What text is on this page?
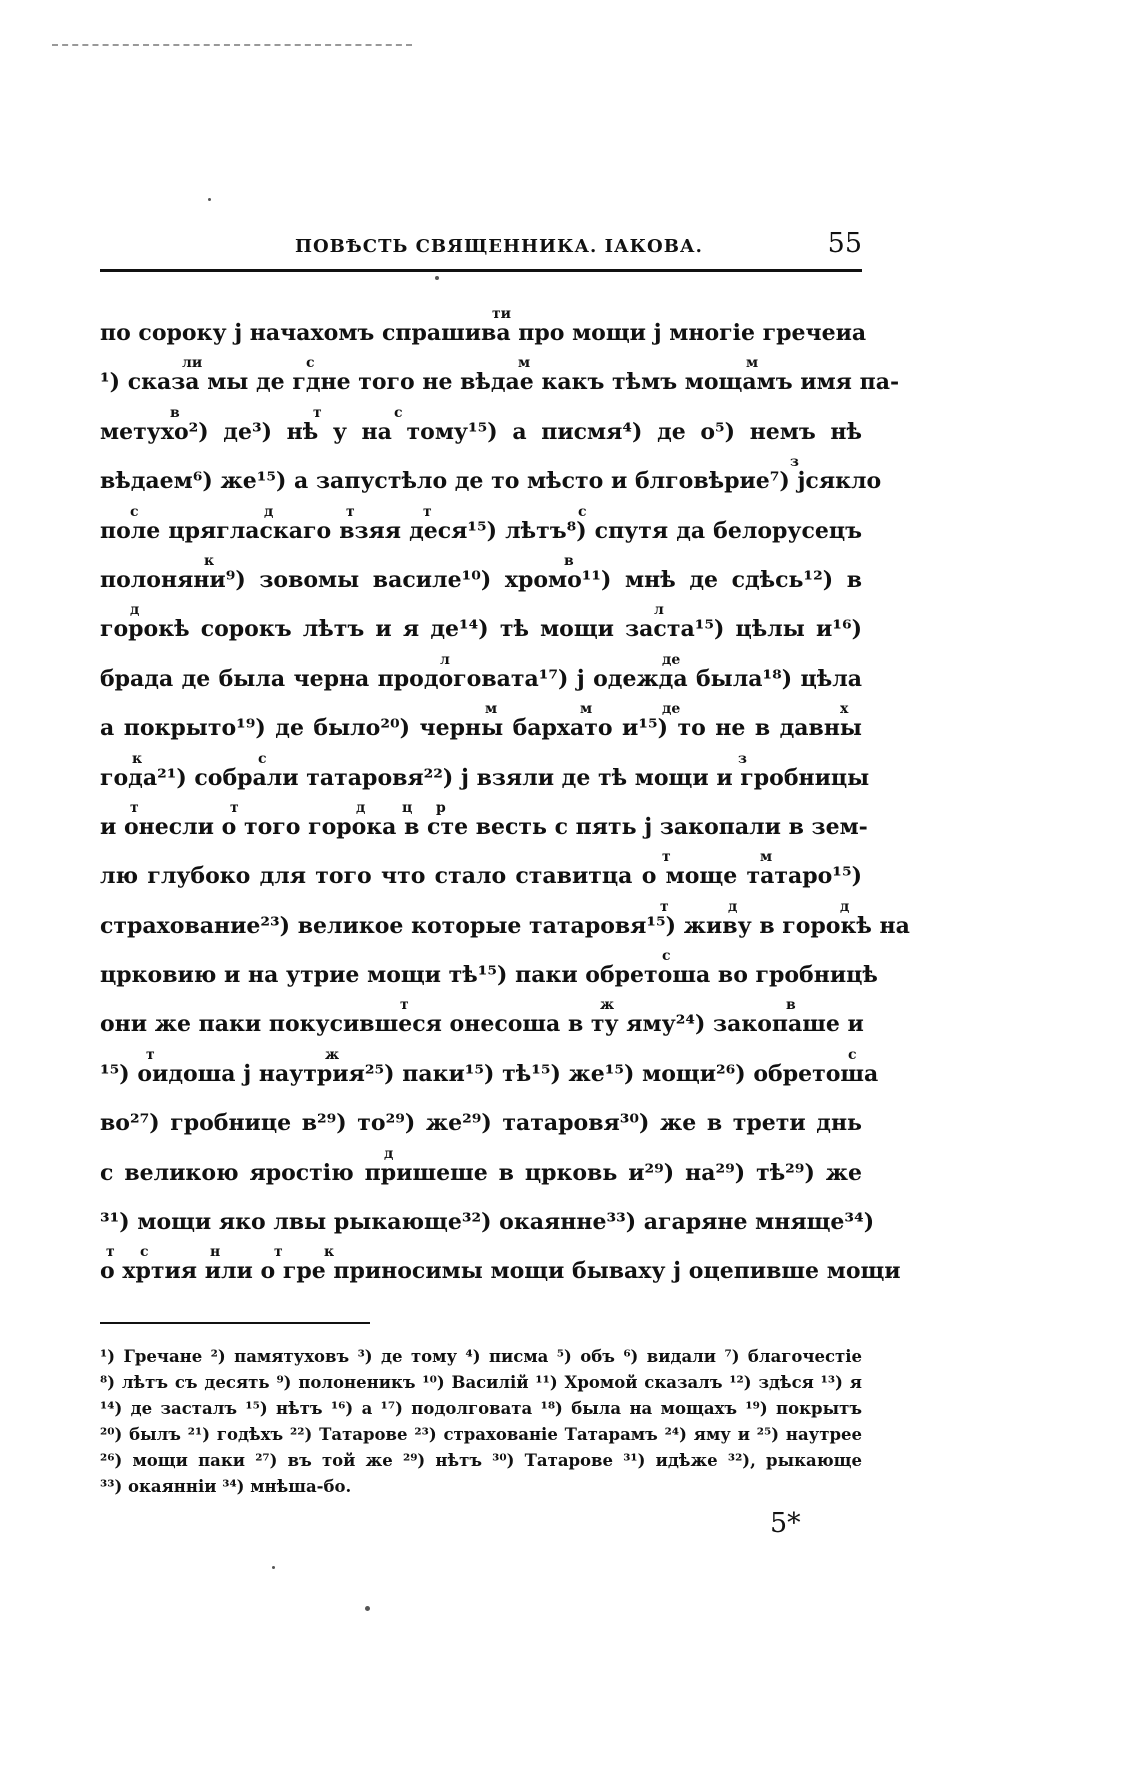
ПОВѢСТЬ СВЯЩЕННИКА. ІАКОВА.	55
ти
по сороку ј начахомъ спрашива про мощи ј многіе гречеиа
ли	с	м	м
¹) сказа мы де гдне того не вѣдае какъ тѣмъ мощамъ имя па-
в	т	с
метухо²) де³) нѣ у на тому¹⁵) а писмя⁴) де о⁵) немъ нѣ
з
вѣдаем⁶) же¹⁵) а запустѣло де то мѣсто и блговѣрие⁷) јсякло
с	д	т	т	с
поле црягласкаго взяя деся¹⁵) лѣтъ⁸) спутя да белорусецъ
к	в
полоняни⁹) зовомы василе¹⁰) хромо¹¹) мнѣ де сдѣсь¹²) в
д	л
горокѣ сорокъ лѣтъ и я де¹⁴) тѣ мощи заста¹⁵) цѣлы и¹⁶)
л	де
брада де была черна продоговата¹⁷) ј одежда была¹⁸) цѣла
м	м	де	х
а покрыто¹⁹) де было²⁰) черны бархато и¹⁵) то не в давны
к	с	з
года²¹) собрали татаровя²²) ј взяли де тѣ мощи и гробницы
т	т	д	ц р
и онесли о того горока в сте весть с пять ј закопали в зем-
т	м
лю глубоко для того что стало ставитца о моще татаро¹⁵)
т	д	д
страхование²³) великое которые татаровя¹⁵) живу в горокѣ на
с
црковию и на утрие мощи тѣ¹⁵) паки обретоша во гробницѣ
т	ж	в
они же паки покусившеся онесоша в ту яму²⁴) закопаше и
т	ж	с
¹⁵) оидоша ј наутрия²⁵) паки¹⁵) тѣ¹⁵) же¹⁵) мощи²⁶) обретоша
во²⁷) гробнице в²⁹) то²⁹) же²⁹) татаровя³⁰) же в трети днь
д
с великою яростію пришеше в црковь и²⁹) на²⁹) тѣ²⁹) же
³¹) мощи яко лвы рыкающе³²) окаянне³³) агаряне мняще³⁴)
т с	н	т	к
о хртия или о гре приносимы мощи бываху ј оцепивше мощи
¹) Гречане ²) памятуховъ ³) де тому ⁴) писма ⁵) объ ⁶) видали ⁷) благочестіе
⁸) лѣтъ съ десять ⁹) полоненикъ ¹⁰) Василій ¹¹) Хромой сказалъ ¹²) здѣся ¹³) я
¹⁴) де засталъ ¹⁵) нѣтъ ¹⁶) а ¹⁷) подолговата ¹⁸) была на мощахъ ¹⁹) покрытъ
²⁰) былъ ²¹) годѣхъ ²²) Татарове ²³) страхованіе Татарамъ ²⁴) яму и ²⁵) наутрее
²⁶) мощи паки ²⁷) въ той же ²⁹) нѣтъ ³⁰) Татарове ³¹) идѣже ³²), рыкающе
³³) окаянніи ³⁴) мнѣша-бо.
5*
